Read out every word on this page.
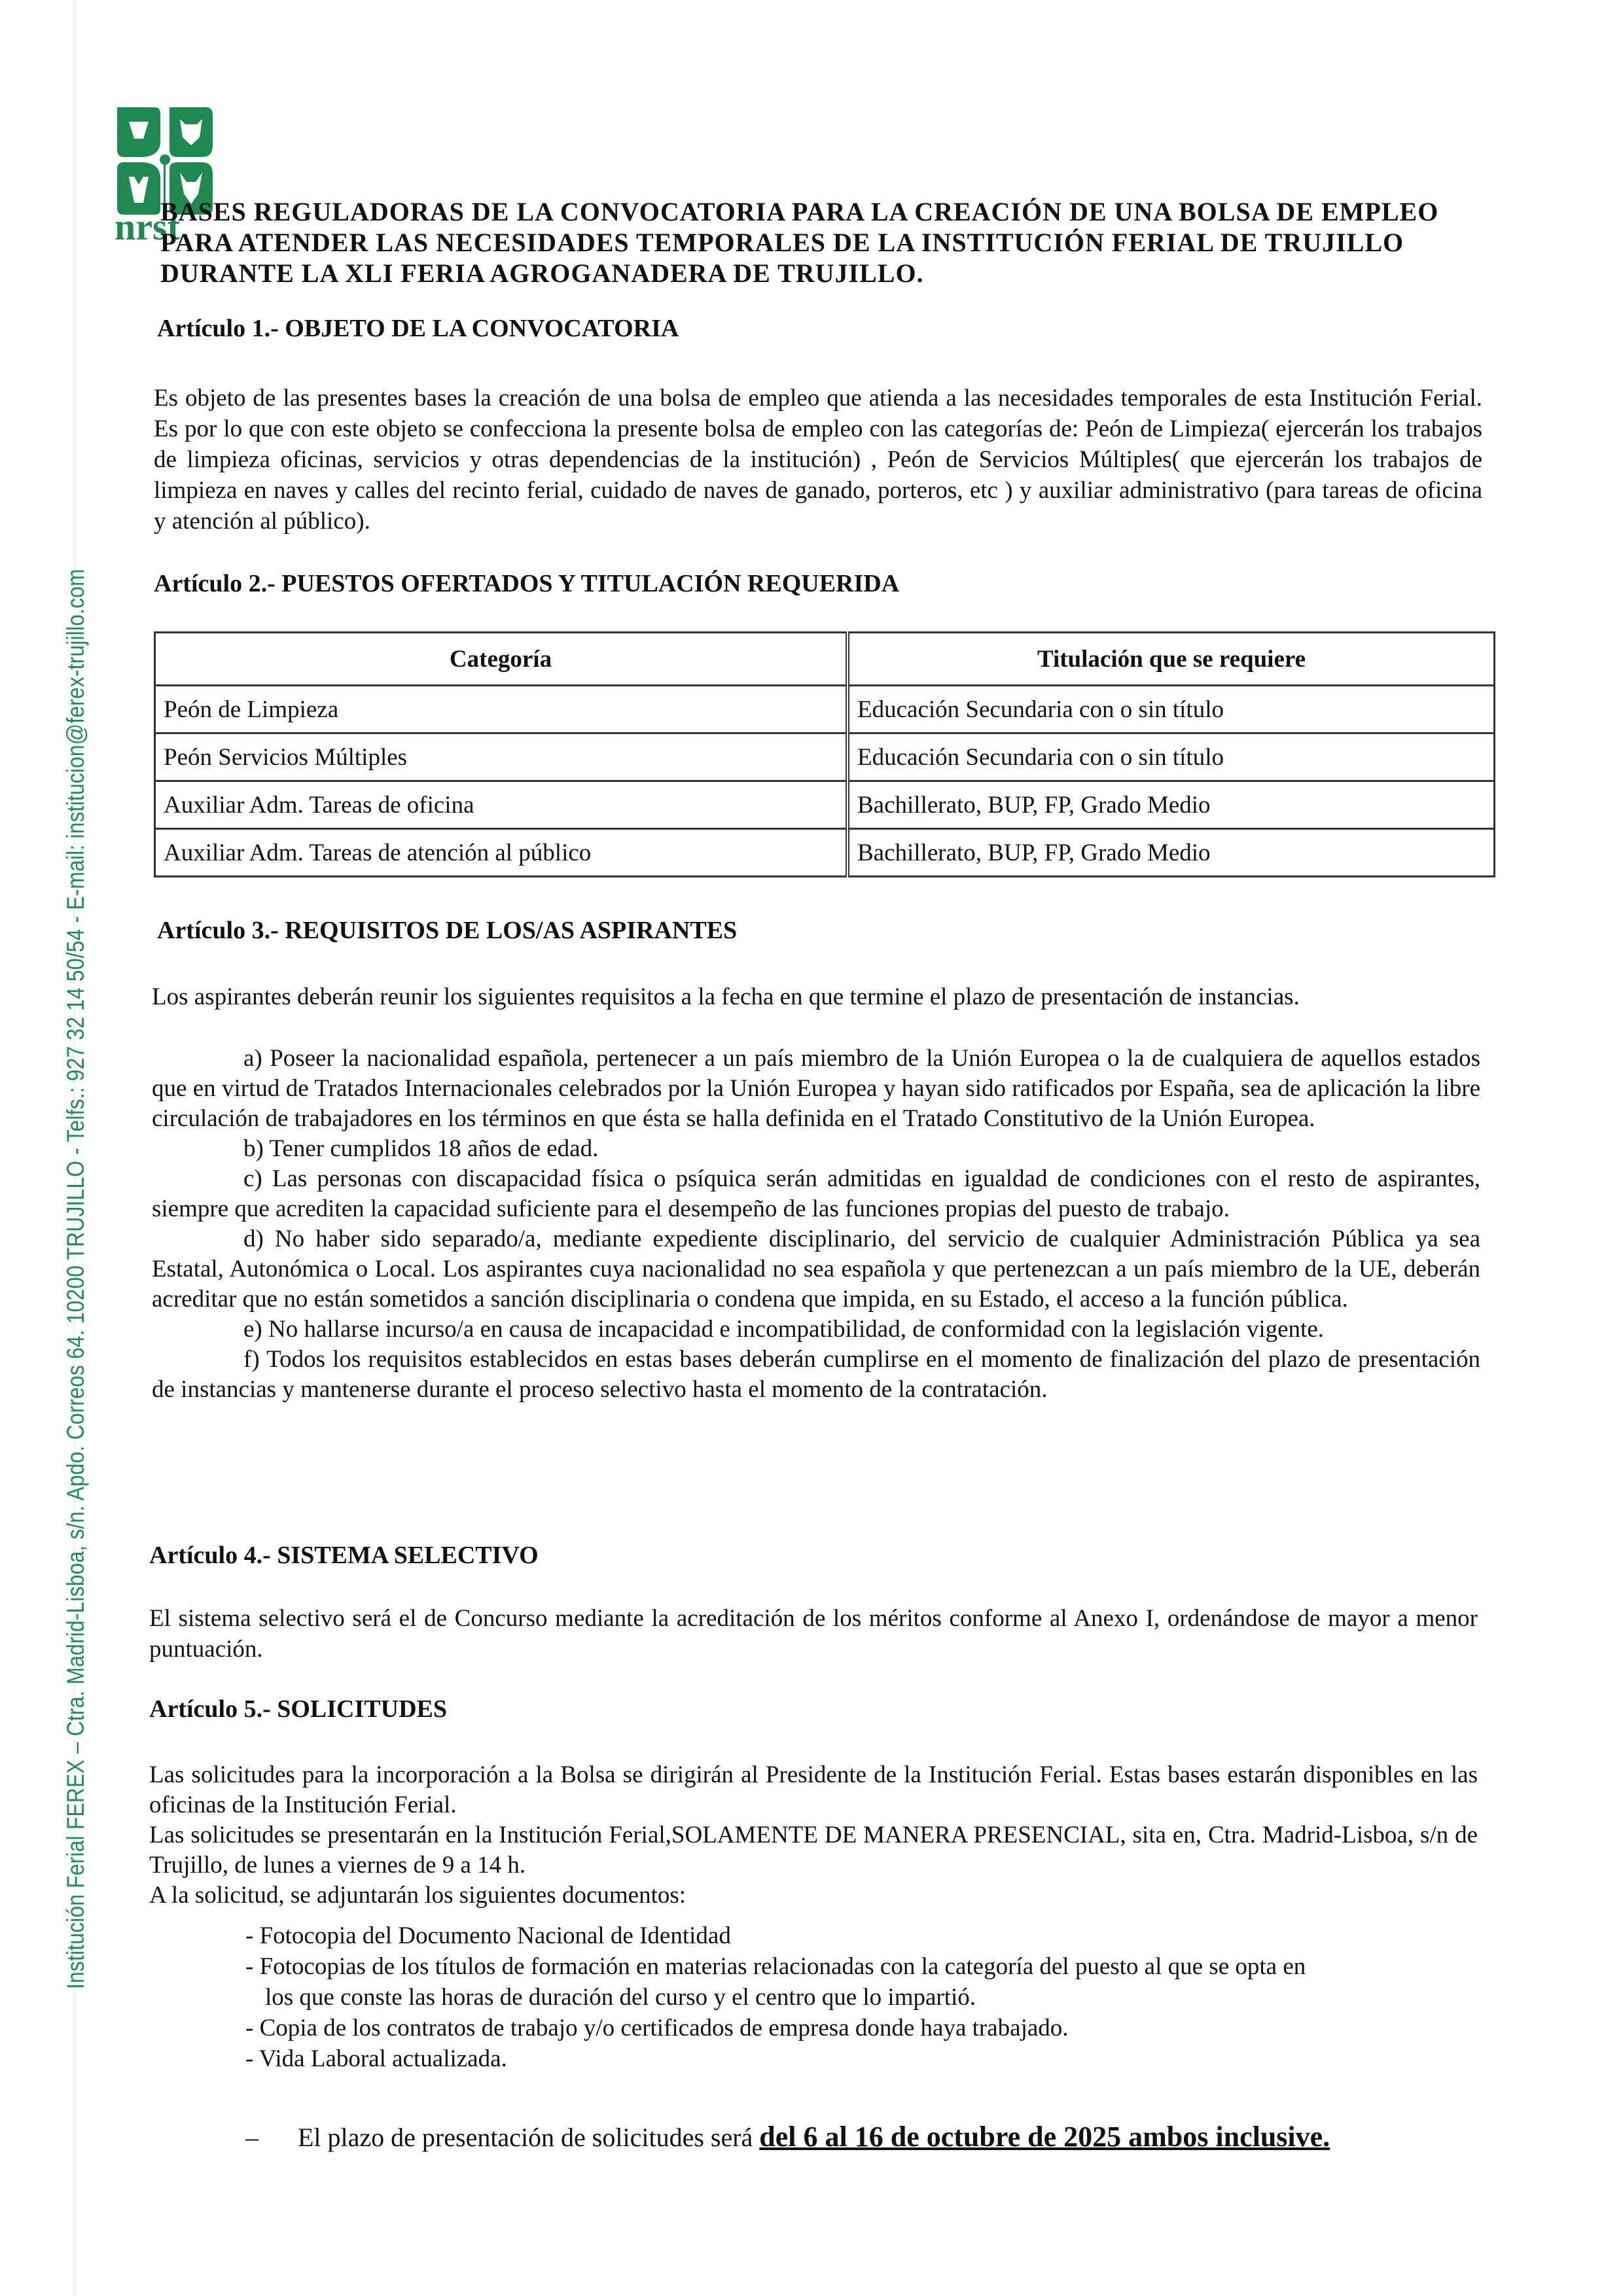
Institución Ferial FEREX – Ctra. Madrid-Lisboa, s/n. Apdo. Correos 64. 10200 TRUJILLO - Telfs.: 927 32 14 50/54 - E-mail: institucion@ferex-trujillo.com
nrst
BASES REGULADORAS DE LA CONVOCATORIA PARA LA CREACIÓN DE UNA BOLSA DE EMPLEO
PARA ATENDER LAS NECESIDADES TEMPORALES DE LA INSTITUCIÓN FERIAL DE TRUJILLO
DURANTE LA XLI FERIA AGROGANADERA DE TRUJILLO.
Artículo 1.- OBJETO DE LA CONVOCATORIA

Es objeto de las presentes bases la creación de una bolsa de empleo que atienda a las necesidades temporales de esta Institución Ferial. Es por lo que con este objeto se confecciona la presente bolsa de empleo con las categorías de: Peón de Limpieza( ejercerán los trabajos de limpieza oficinas, servicios y otras dependencias de la institución) , Peón de Servicios Múltiples( que ejercerán los trabajos de limpieza en naves y calles del recinto ferial, cuidado de naves de ganado, porteros, etc ) y auxiliar administrativo (para tareas de oficina y atención al público).

Artículo 2.- PUESTOS OFERTADOS Y TITULACIÓN REQUERIDA
Categoría	Titulación que se requiere
Peón de Limpieza	Educación Secundaria con o sin título
Peón Servicios Múltiples	Educación Secundaria con o sin título
Auxiliar Adm. Tareas de oficina	Bachillerato, BUP, FP, Grado Medio
Auxiliar Adm. Tareas de atención al público	Bachillerato, BUP, FP, Grado Medio
Artículo 3.- REQUISITOS DE LOS/AS ASPIRANTES
Los aspirantes deberán reunir los siguientes requisitos a la fecha en que termine el plazo de presentación de instancias.

a) Poseer la nacionalidad española, pertenecer a un país miembro de la Unión Europea o la de cualquiera de aquellos estados que en virtud de Tratados Internacionales celebrados por la Unión Europea y hayan sido ratificados por España, sea de aplicación la libre circulación de trabajadores en los términos en que ésta se halla definida en el Tratado Constitutivo de la Unión Europea.

b) Tener cumplidos 18 años de edad.

c) Las personas con discapacidad física o psíquica serán admitidas en igualdad de condiciones con el resto de aspirantes, siempre que acrediten la capacidad suficiente para el desempeño de las funciones propias del puesto de trabajo.

d) No haber sido separado/a, mediante expediente disciplinario, del servicio de cualquier Administración Pública ya sea Estatal, Autonómica o Local. Los aspirantes cuya nacionalidad no sea española y que pertenezcan a un país miembro de la UE, deberán acreditar que no están sometidos a sanción disciplinaria o condena que impida, en su Estado, el acceso a la función pública.

e) No hallarse incurso/a en causa de incapacidad e incompatibilidad, de conformidad con la legislación vigente.

f) Todos los requisitos establecidos en estas bases deberán cumplirse en el momento de finalización del plazo de presentación de instancias y mantenerse durante el proceso selectivo hasta el momento de la contratación.

Artículo 4.- SISTEMA SELECTIVO
El sistema selectivo será el de Concurso mediante la acreditación de los méritos conforme al Anexo I, ordenándose de mayor a menor puntuación.
Artículo 5.- SOLICITUDES

Las solicitudes para la incorporación a la Bolsa se dirigirán al Presidente de la Institución Ferial. Estas bases estarán disponibles en las oficinas de la Institución Ferial.

Las solicitudes se presentarán en la Institución Ferial,SOLAMENTE DE MANERA PRESENCIAL, sita en, Ctra. Madrid-Lisboa, s/n de Trujillo, de lunes a viernes de 9 a 14 h.

A la solicitud, se adjuntarán los siguientes documentos:

- Fotocopia del Documento Nacional de Identidad
- Fotocopias de los títulos de formación en materias relacionadas con la categoría del puesto al que se opta en
los que conste las horas de duración del curso y el centro que lo impartió.
- Copia de los contratos de trabajo y/o certificados de empresa donde haya trabajado.
- Vida Laboral actualizada.
– El plazo de presentación de solicitudes será del 6 al 16 de octubre de 2025 ambos inclusive.
